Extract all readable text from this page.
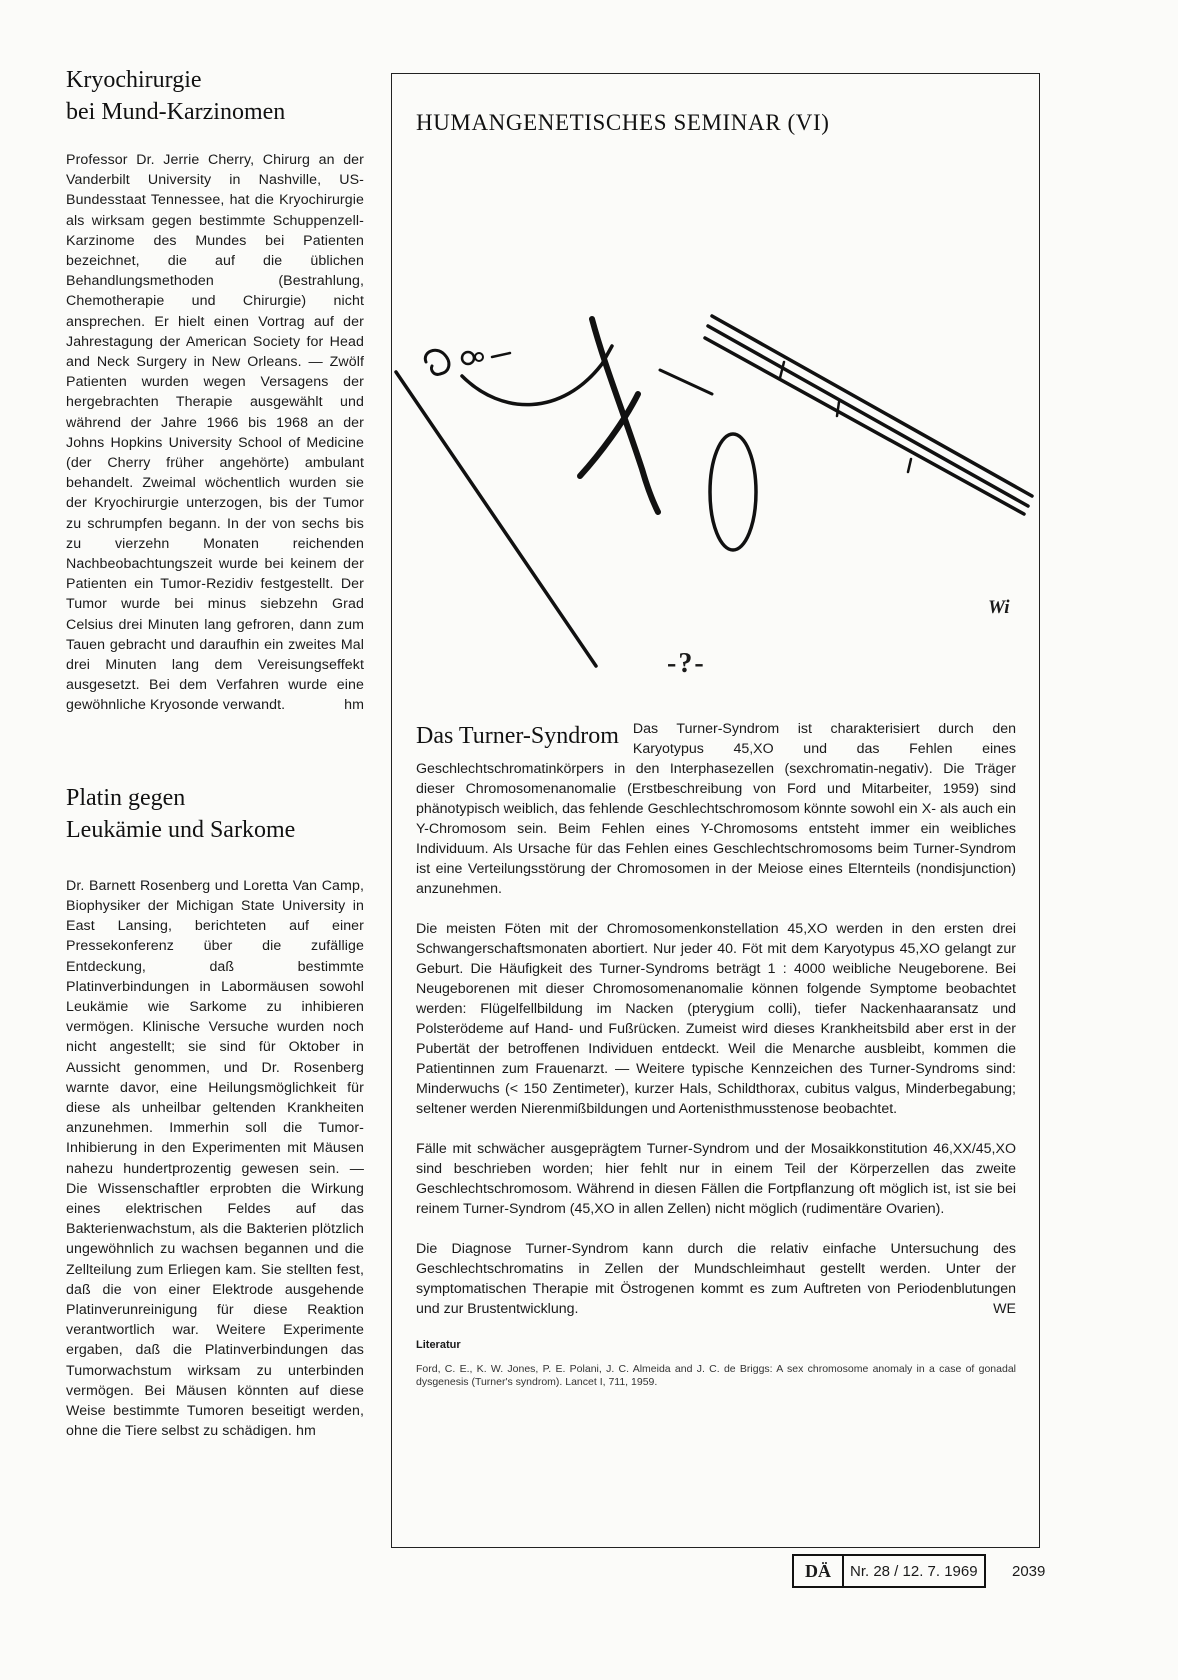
Kryochirurgie
bei Mund-Karzinomen

Professor Dr. Jerrie Cherry, Chirurg an der Vanderbilt University in Nashville, US-Bundesstaat Tennessee, hat die Kryochirurgie als wirksam gegen bestimmte Schuppenzell-Karzinome des Mundes bei Patienten bezeichnet, die auf die üblichen Behandlungsmethoden (Bestrahlung, Chemotherapie und Chirurgie) nicht ansprechen. Er hielt einen Vortrag auf der Jahrestagung der American Society for Head and Neck Surgery in New Orleans. — Zwölf Patienten wurden wegen Versagens der hergebrachten Therapie ausgewählt und während der Jahre 1966 bis 1968 an der Johns Hopkins University School of Medicine (der Cherry früher angehörte) ambulant behandelt. Zweimal wöchentlich wurden sie der Kryochirurgie unterzogen, bis der Tumor zu schrumpfen begann. In der von sechs bis zu vierzehn Monaten reichenden Nachbeobachtungszeit wurde bei keinem der Patienten ein Tumor-Rezidiv festgestellt. Der Tumor wurde bei minus siebzehn Grad Celsius drei Minuten lang gefroren, dann zum Tauen gebracht und daraufhin ein zweites Mal drei Minuten lang dem Vereisungseffekt ausgesetzt. Bei dem Verfahren wurde eine gewöhnliche Kryosonde verwandt.	hm

Platin gegen
Leukämie und Sarkome

Dr. Barnett Rosenberg und Loretta Van Camp, Biophysiker der Michigan State University in East Lansing, berichteten auf einer Pressekonferenz über die zufällige Entdeckung, daß bestimmte Platinverbindungen in Labormäusen sowohl Leukämie wie Sarkome zu inhibieren vermögen. Klinische Versuche wurden noch nicht angestellt; sie sind für Oktober in Aussicht genommen, und Dr. Rosenberg warnte davor, eine Heilungsmöglichkeit für diese als unheilbar geltenden Krankheiten anzunehmen. Immerhin soll die Tumor-Inhibierung in den Experimenten mit Mäusen nahezu hundertprozentig gewesen sein. — Die Wissenschaftler erprobten die Wirkung eines elektrischen Feldes auf das Bakterienwachstum, als die Bakterien plötzlich ungewöhnlich zu wachsen begannen und die Zellteilung zum Erliegen kam. Sie stellten fest, daß die von einer Elektrode ausgehende Platinverunreinigung für diese Reaktion verantwortlich war. Weitere Experimente ergaben, daß die Platinverbindungen das Tumorwachstum wirksam zu unterbinden vermögen. Bei Mäusen könnten auf diese Weise bestimmte Tumoren beseitigt werden, ohne die Tiere selbst zu schädigen. hm

HUMANGENETISCHES SEMINAR (VI)
Wi
-?-
Das Turner-Syndrom Das Turner-Syndrom ist charakterisiert durch den Karyotypus 45,XO und das Fehlen eines Geschlechtschromatinkörpers in den Interphasezellen (sexchromatin-negativ). Die Träger dieser Chromosomenanomalie (Erstbeschreibung von Ford und Mitarbeiter, 1959) sind phänotypisch weiblich, das fehlende Geschlechtschromosom könnte sowohl ein X- als auch ein Y-Chromosom sein. Beim Fehlen eines Y-Chromosoms entsteht immer ein weibliches Individuum. Als Ursache für das Fehlen eines Geschlechtschromosoms beim Turner-Syndrom ist eine Verteilungsstörung der Chromosomen in der Meiose eines Elternteils (nondisjunction) anzunehmen.

Die meisten Föten mit der Chromosomenkonstellation 45,XO werden in den ersten drei Schwangerschaftsmonaten abortiert. Nur jeder 40. Föt mit dem Karyotypus 45,XO gelangt zur Geburt. Die Häufigkeit des Turner-Syndroms beträgt 1 : 4000 weibliche Neugeborene. Bei Neugeborenen mit dieser Chromosomenanomalie können folgende Symptome beobachtet werden: Flügelfellbildung im Nacken (pterygium colli), tiefer Nackenhaaransatz und Polsterödeme auf Hand- und Fußrücken. Zumeist wird dieses Krankheitsbild aber erst in der Pubertät der betroffenen Individuen entdeckt. Weil die Menarche ausbleibt, kommen die Patientinnen zum Frauenarzt. — Weitere typische Kennzeichen des Turner-Syndroms sind: Minderwuchs (< 150 Zentimeter), kurzer Hals, Schildthorax, cubitus valgus, Minderbegabung; seltener werden Nierenmißbildungen und Aortenisthmusstenose beobachtet.

Fälle mit schwächer ausgeprägtem Turner-Syndrom und der Mosaikkonstitution 46,XX/45,XO sind beschrieben worden; hier fehlt nur in einem Teil der Körperzellen das zweite Geschlechtschromosom. Während in diesen Fällen die Fortpflanzung oft möglich ist, ist sie bei reinem Turner-Syndrom (45,XO in allen Zellen) nicht möglich (rudimentäre Ovarien).

Die Diagnose Turner-Syndrom kann durch die relativ einfache Untersuchung des Geschlechtschromatins in Zellen der Mundschleimhaut gestellt werden. Unter der symptomatischen Therapie mit Östrogenen kommt es zum Auftreten von Periodenblutungen und zur Brustentwicklung.	WE

Literatur

Ford, C. E., K. W. Jones, P. E. Polani, J. C. Almeida and J. C. de Briggs: A sex chromosome anomaly in a case of gonadal dysgenesis (Turner's syndrom). Lancet I, 711, 1959.

DÄ	Nr. 28 / 12. 7. 1969	2039
